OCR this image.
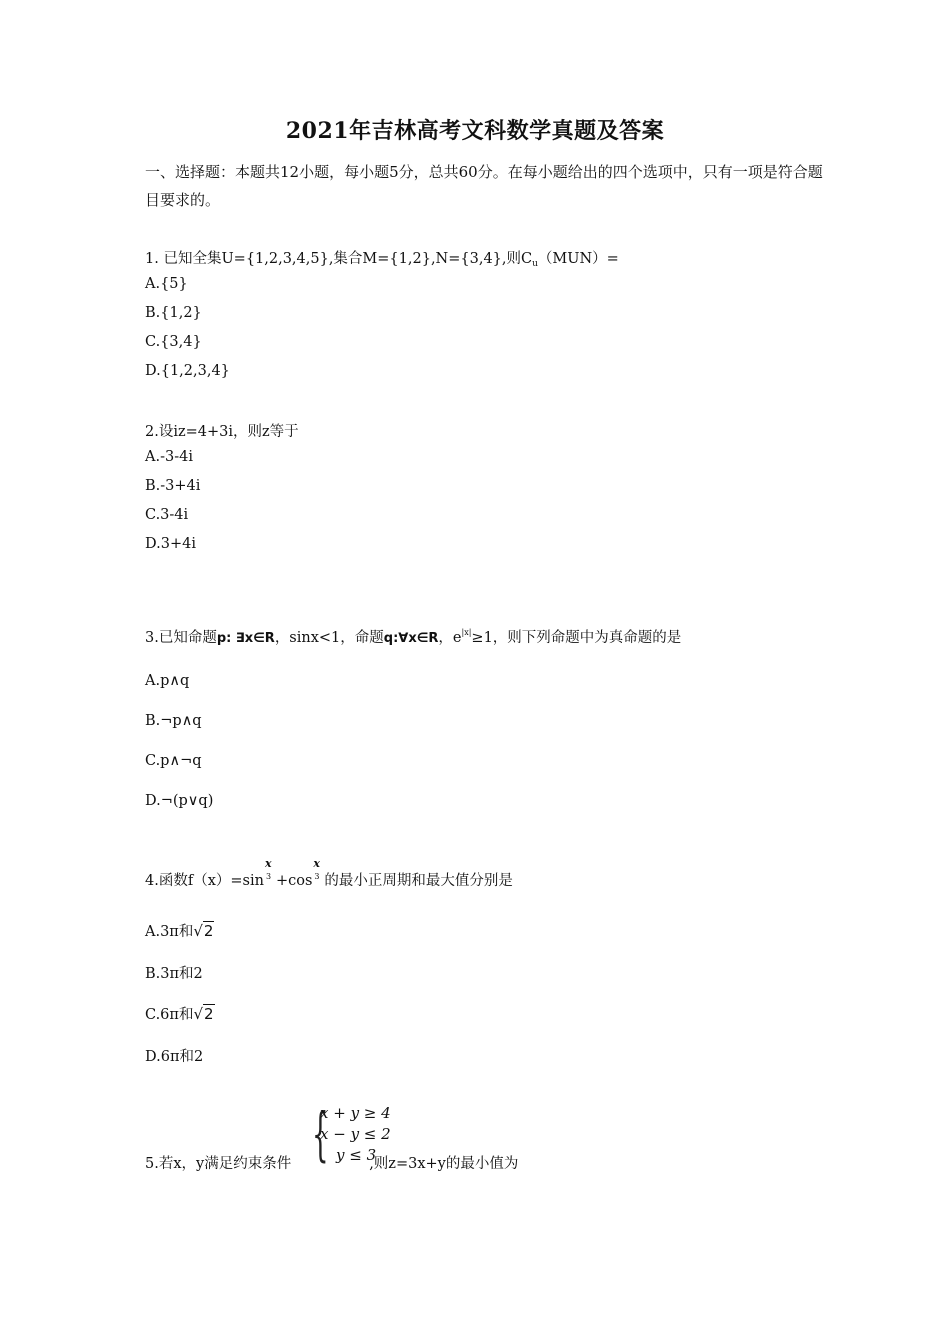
2021年吉林高考文科数学真题及答案
一、选择题：本题共12小题，每小题5分，总共60分。在每小题给出的四个选项中，只有一项是符合题目要求的。
1. 已知全集U={1,2,3,4,5},集合M={1,2},N={3,4},则$C_u(MUN)=$
A.{5}
B.{1,2}
C.{3,4}
D.{1,2,3,4}
2.设iz=4+3i，则z等于
A.-3-4i
B.-3+4i
C.3-4i
D.3+4i
3.已知命题p: ∃x∈R，sinx<1，命题q:∀x∈R，$e^{|x|}\ge 1$，则下列命题中为真命题的是
A.p∧q
B.¬p∧q
C.p∧¬q
D.¬(p∨q)
4.函数f（x）=sin
x
3 +cos
x
3 的最小正周期和最大值分别是
A.3π和√2
B.3π和2
C.6π和√2
D.6π和2
{
x + y ≥ 4
x − y ≤ 2
y ≤ 3
5.若x，y满足约束条件	,则z=3x+y的最小值为
